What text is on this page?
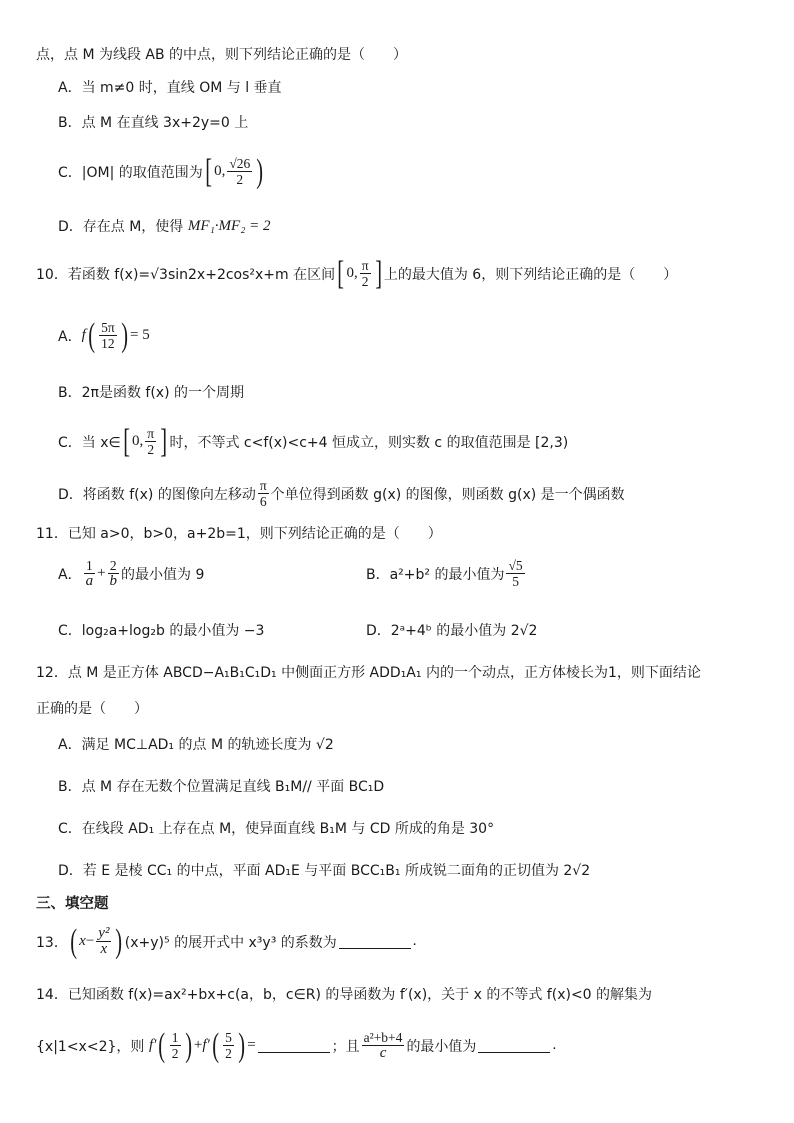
点，点 M 为线段 AB 的中点，则下列结论正确的是（　　）
A．当 m≠0 时，直线 OM 与 l 垂直
B．点 M 在直线 3x+2y=0 上
C． |OM| 的取值范围为 [ 0, $\frac{√26}{2}$ )
D．存在点 M，使得
MF₁·MF₂ = 2
10．若函数 f(x)=√3sin2x+2cos²x+m 在区间 [ 0, $\frac{\pi}{2}$ ] 上的最大值为 6，则下列结论正确的是（　　）
A． f ( $\frac{5\pi}{12}$ ) = 5
B．2π是函数 f(x) 的一个周期
C．当 x∈ [ 0, $\frac{\pi}{2}$ ] 时，不等式 c<f(x)<c+4 恒成立，则实数 c 的取值范围是 [2,3)
D．将函数 f(x) 的图像向左移动 $\frac{\pi}{6}$ 个单位得到函数 g(x) 的图像，则函数 g(x) 是一个偶函数
11．已知 a>0，b>0，a+2b=1，则下列结论正确的是（　　）
A． $\frac{1}{a} + \frac{2}{b}$ 的最小值为 9	B．a²+b² 的最小值为 $\frac{√5}{5}$
C．log₂a+log₂b 的最小值为 −3	D．2ᵃ+4ᵇ 的最小值为 2√2
12．点 M 是正方体 ABCD−A₁B₁C₁D₁ 中侧面正方形 ADD₁A₁ 内的一个动点，正方体棱长为1，则下面结论
正确的是（　　）
A．满足 MC⊥AD₁ 的点 M 的轨迹长度为 √2
B．点 M 存在无数个位置满足直线 B₁M// 平面 BC₁D
C．在线段 AD₁ 上存在点 M，使异面直线 B₁M 与 CD 所成的角是 30°
D．若 E 是棱 CC₁ 的中点，平面 AD₁E 与平面 BCC₁B₁ 所成锐二面角的正切值为 2√2
三、填空题
13． ( $x - \frac{\text{y²}}{x}$ ) (x+y)⁵ 的展开式中 x³y³ 的系数为	.
14．已知函数 f(x)=ax²+bx+c(a，b，c∈R) 的导函数为 f′(x)，关于 x 的不等式 f(x)<0 的解集为
{x|1<x<2}，则
f′ ( $\frac{1}{2}$ ) + f′ ( $\frac{5}{2}$ ) =	；且 $\frac{\text{a²+b+4}}{c}$ 的最小值为	.
